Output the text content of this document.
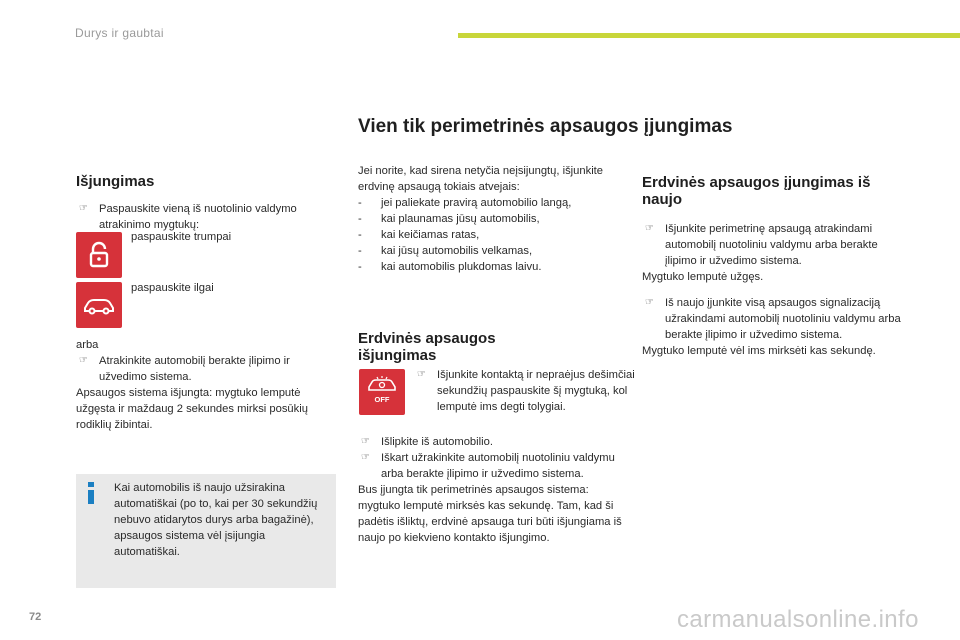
Durys ir gaubtai
Vien tik perimetrinės apsaugos įjungimas
Išjungimas
☞ Paspauskite vieną iš nuotolinio valdymo atrakinimo mygtukų:
paspauskite trumpai
paspauskite ilgai
arba
☞ Atrakinkite automobilį berakte įlipimo ir užvedimo sistema.
Apsaugos sistema išjungta: mygtuko lemputė užgęsta ir maždaug 2 sekundes mirksi posūkių rodiklių žibintai.
Kai automobilis iš naujo užsirakina automatiškai (po to, kai per 30 sekundžių nebuvo atidarytos durys arba bagažinė), apsaugos sistema vėl įsijungia automatiškai.
Jei norite, kad sirena netyčia neįsijungtų, išjunkite erdvinę apsaugą tokiais atvejais:
- jei paliekate pravirą automobilio langą,
- kai plaunamas jūsų automobilis,
- kai keičiamas ratas,
- kai jūsų automobilis velkamas,
- kai automobilis plukdomas laivu.
Erdvinės apsaugos išjungimas
OFF
☞ Išjunkite kontaktą ir nepraėjus dešimčiai sekundžių paspauskite šį mygtuką, kol lemputė ims degti tolygiai.
☞ Išlipkite iš automobilio.
☞ Iškart užrakinkite automobilį nuotoliniu valdymu arba berakte įlipimo ir užvedimo sistema.
Bus įjungta tik perimetrinės apsaugos sistema: mygtuko lemputė mirksės kas sekundę. Tam, kad ši padėtis išliktų, erdvinė apsauga turi būti išjungiama iš naujo po kiekvieno kontakto išjungimo.
Erdvinės apsaugos įjungimas iš naujo
☞ Išjunkite perimetrinę apsaugą atrakindami automobilį nuotoliniu valdymu arba berakte įlipimo ir užvedimo sistema.
Mygtuko lemputė užgęs.
☞ Iš naujo įjunkite visą apsaugos signalizaciją užrakindami automobilį nuotoliniu valdymu arba berakte įlipimo ir užvedimo sistema.
Mygtuko lemputė vėl ims mirksėti kas sekundę.
72	carmanualsonline.info
